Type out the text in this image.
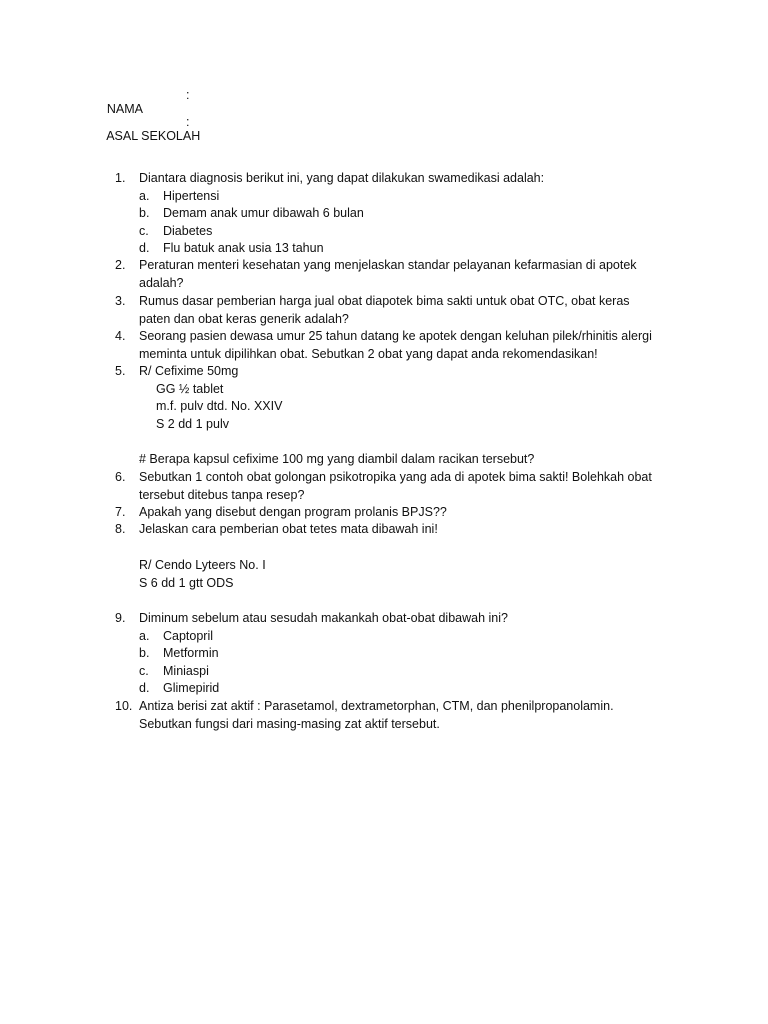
NAMA

:

ASAL SEKOLAH

:

1. Diantara diagnosis berikut ini, yang dapat dilakukan swamedikasi adalah:
a. Hipertensi
b. Demam anak umur dibawah 6 bulan
c. Diabetes
d. Flu batuk anak usia 13 tahun
2. Peraturan menteri kesehatan yang menjelaskan standar pelayanan kefarmasian di apotek
adalah?
3. Rumus dasar pemberian harga jual obat diapotek bima sakti untuk obat OTC, obat keras
paten dan obat keras generik adalah?
4. Seorang pasien dewasa umur 25 tahun datang ke apotek dengan keluhan pilek/rhinitis alergi
meminta untuk dipilihkan obat. Sebutkan 2 obat yang dapat anda rekomendasikan!
5. R/ Cefixime 50mg
GG ½ tablet
m.f. pulv dtd. No. XXIV
S 2 dd 1 pulv
# Berapa kapsul cefixime 100 mg yang diambil dalam racikan tersebut?
6. Sebutkan 1 contoh obat golongan psikotropika yang ada di apotek bima sakti! Bolehkah obat
tersebut ditebus tanpa resep?
7. Apakah yang disebut dengan program prolanis BPJS??
8. Jelaskan cara pemberian obat tetes mata dibawah ini!
R/ Cendo Lyteers No. I
S 6 dd 1 gtt ODS
9. Diminum sebelum atau sesudah makankah obat-obat dibawah ini?
a. Captopril
b. Metformin
c. Miniaspi
d. Glimepirid
10. Antiza berisi zat aktif : Parasetamol, dextrametorphan, CTM, dan phenilpropanolamin.
Sebutkan fungsi dari masing-masing zat aktif tersebut.
